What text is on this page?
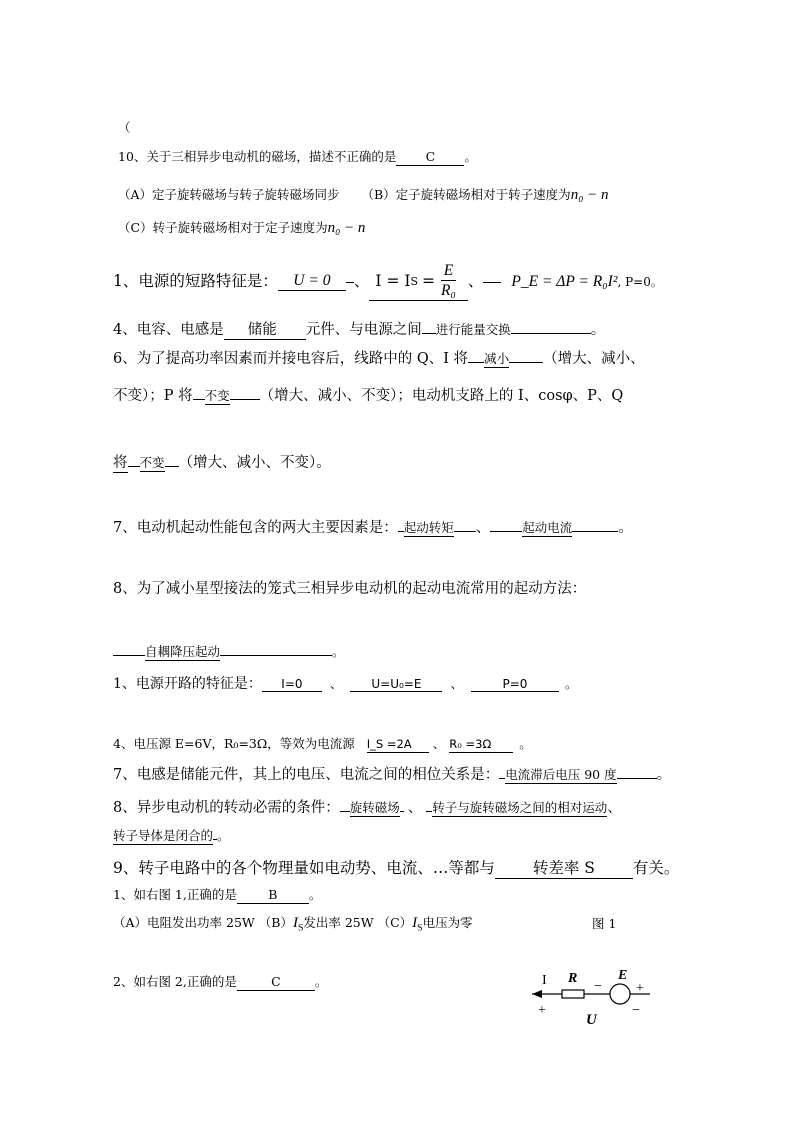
（
10、关于三相异步电动机的磁场，描述不正确的是 C 。
（A）定子旋转磁场与转子旋转磁场同步 （B）定子旋转磁场相对于转子速度为n₀ − n
（C）转子旋转磁场相对于定子速度为n₀ − n
1、电源的短路特征是： U = 0	、 I = I $S = \frac{E}{\text{R₀}}$ 、 P_E = ΔP = R₀I² , P=0。
4、电容、电感是 储能 元件、与电源之间 进行能量交换	。
6、为了提高功率因素而并接电容后，线路中的 Q、I 将 减小 （增大、减小、
不变）；P 将 不变 （增大、减小、不变）；电动机支路上的 I、cosφ、P、Q
将 不变 （增大、减小、不变）。
7、电动机起动性能包含的两大主要因素是： 起动转矩 、	起动电流	。
8、为了减小星型接法的笼式三相异步电动机的起动电流常用的起动方法：
自耦降压起动	。
1、电源开路的特征是： I=0 、 U=U₀=E 、	P=0	。
4、电压源 E=6V，R₀=3Ω，等效为电流源 I_S =2A 、 R₀ =3Ω 。
7、电感是储能元件，其上的电压、电流之间的相位关系是： 电流滞后电压 90 度	。
8、异步电动机的转动必需的条件： 旋转磁场 、 转子与旋转磁场之间的相对运动、
转子导体是闭合的 。
9、转子电路中的各个物理量如电动势、电流、…等都与 转差率 S 有关。
1、如右图 1,正确的是	B	。
（A）电阻发出功率 25W $(B)I_S$发出率 25W $(C)I_S$电压为零	图 1
2、如右图 2,正确的是	C	。	I R	E
− +
+	−
U
